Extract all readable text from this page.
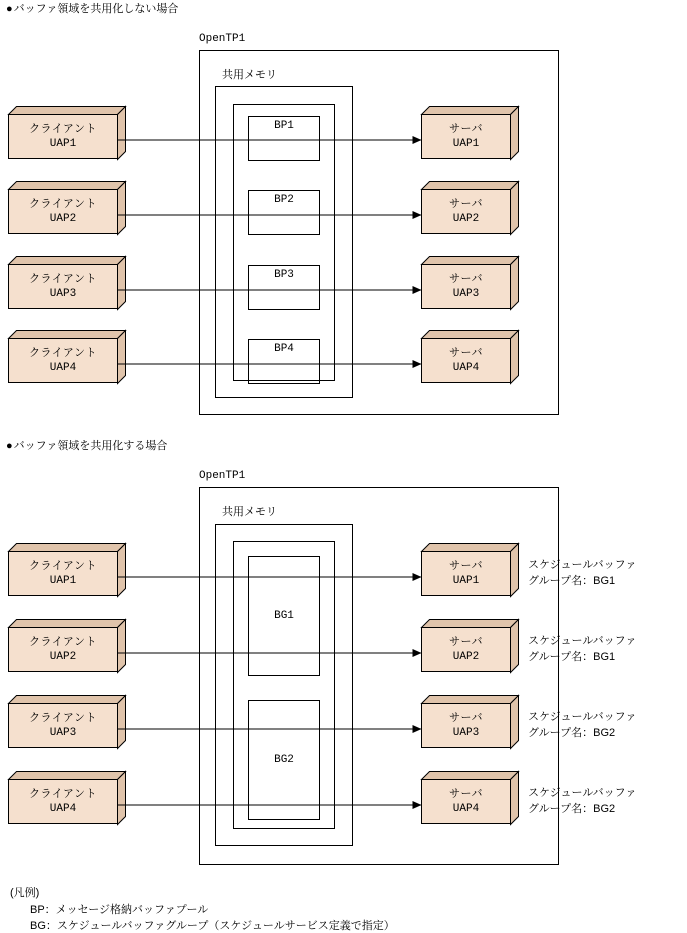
●バッファ領域を共用化しない場合
OpenTP1
共用メモリ
BP1
BP2
BP3
BP4
クライアント
UAP1
クライアント
UAP2
クライアント
UAP3
クライアント
UAP4
サーバ
UAP1
サーバ
UAP2
サーバ
UAP3
サーバ
UAP4
●バッファ領域を共用化する場合
OpenTP1
共用メモリ
BG1
BG2
クライアント
UAP1
クライアント
UAP2
クライアント
UAP3
クライアント
UAP4
サーバ
UAP1
サーバ
UAP2
サーバ
UAP3
サーバ
UAP4
スケジュールバッファ
グループ名：BG1
スケジュールバッファ
グループ名：BG1
スケジュールバッファ
グループ名：BG2
スケジュールバッファ
グループ名：BG2
(凡例)
BP：メッセージ格納バッファプール
BG：スケジュールバッファグループ（スケジュールサービス定義で指定）
